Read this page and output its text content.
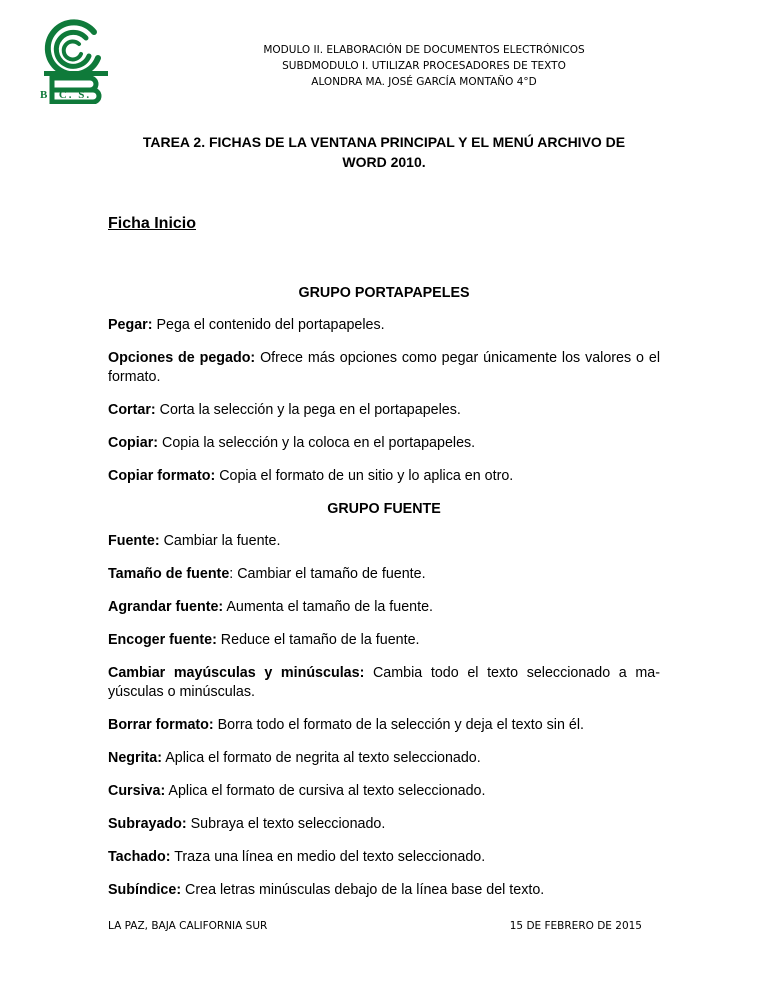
B. C. S.
MODULO II. ELABORACIÓN DE DOCUMENTOS ELECTRÓNICOS
SUBDMODULO I. UTILIZAR PROCESADORES DE TEXTO
ALONDRA MA. JOSÉ GARCÍA MONTAÑO 4°D
TAREA 2. FICHAS DE LA VENTANA PRINCIPAL Y EL MENÚ ARCHIVO DE
WORD 2010.
Ficha Inicio
GRUPO PORTAPAPELES
Pegar: Pega el contenido del portapapeles.
Opciones de pegado: Ofrece más opciones como pegar únicamente los valores o el formato.
Cortar: Corta la selección y la pega en el portapapeles.
Copiar: Copia la selección y la coloca en el portapapeles.
Copiar formato: Copia el formato de un sitio y lo aplica en otro.
GRUPO FUENTE
Fuente: Cambiar la fuente.
Tamaño de fuente: Cambiar el tamaño de fuente.
Agrandar fuente: Aumenta el tamaño de la fuente.
Encoger fuente: Reduce el tamaño de la fuente.
Cambiar mayúsculas y minúsculas: Cambia todo el texto seleccionado a ma-yúsculas o minúsculas.
Borrar formato: Borra todo el formato de la selección y deja el texto sin él.
Negrita: Aplica el formato de negrita al texto seleccionado.
Cursiva: Aplica el formato de cursiva al texto seleccionado.
Subrayado: Subraya el texto seleccionado.
Tachado: Traza una línea en medio del texto seleccionado.
Subíndice: Crea letras minúsculas debajo de la línea base del texto.
LA PAZ, BAJA CALIFORNIA SUR	15 DE FEBRERO DE 2015
